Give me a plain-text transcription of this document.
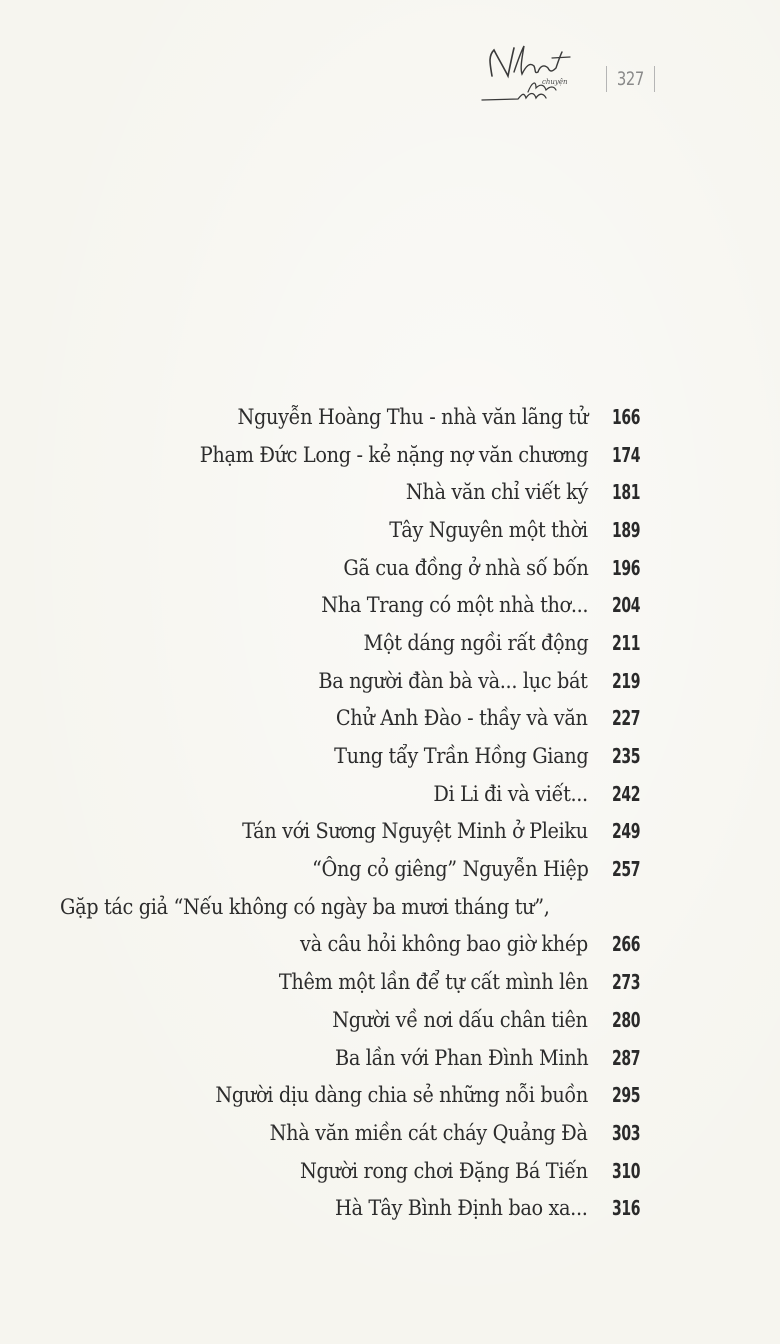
chuyện	327
Nguyễn Hoàng Thu - nhà văn lãng tử 166
Phạm Đức Long - kẻ nặng nợ văn chương 174
Nhà văn chỉ viết ký 181
Tây Nguyên một thời 189
Gã cua đồng ở nhà số bốn 196
Nha Trang có một nhà thơ... 204
Một dáng ngồi rất động 211
Ba người đàn bà và... lục bát 219
Chử Anh Đào - thầy và văn 227
Tung tẩy Trần Hồng Giang 235
Di Li đi và viết... 242
Tán với Sương Nguyệt Minh ở Pleiku 249
“Ông cỏ giêng” Nguyễn Hiệp 257
Gặp tác giả “Nếu không có ngày ba mươi tháng tư”,
và câu hỏi không bao giờ khép 266
Thêm một lần để tự cất mình lên 273
Người về nơi dấu chân tiên 280
Ba lần với Phan Đình Minh 287
Người dịu dàng chia sẻ những nỗi buồn 295
Nhà văn miền cát cháy Quảng Đà 303
Người rong chơi Đặng Bá Tiến 310
Hà Tây Bình Định bao xa... 316
